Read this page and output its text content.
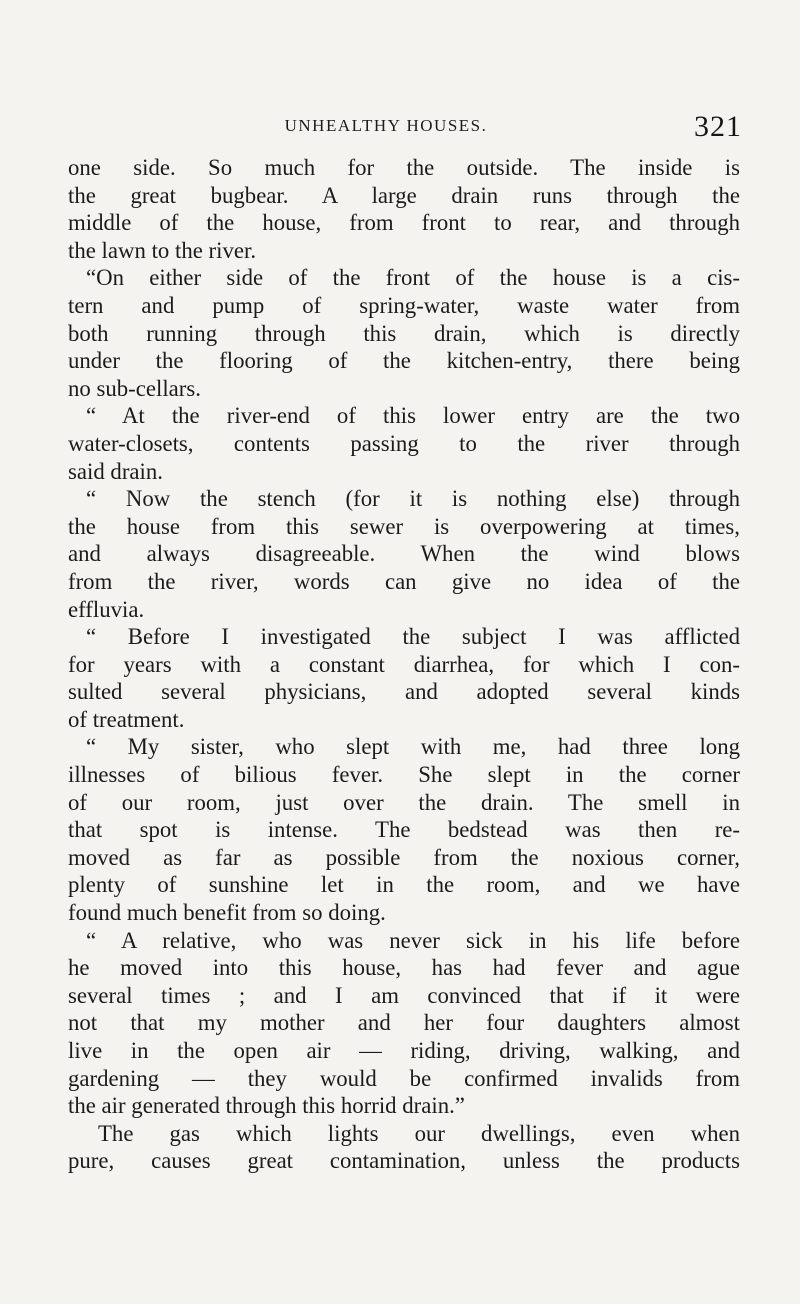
UNHEALTHY HOUSES.	321
one side. So much for the outside. The inside is
the great bugbear. A large drain runs through the
middle of the house, from front to rear, and through
the lawn to the river.
“On either side of the front of the house is a cis-
tern and pump of spring-water, waste water from
both running through this drain, which is directly
under the flooring of the kitchen-entry, there being
no sub-cellars.
“ At the river-end of this lower entry are the two
water-closets, contents passing to the river through
said drain.
“ Now the stench (for it is nothing else) through
the house from this sewer is overpowering at times,
and always disagreeable. When the wind blows
from the river, words can give no idea of the
effluvia.
“ Before I investigated the subject I was afflicted
for years with a constant diarrhea, for which I con-
sulted several physicians, and adopted several kinds
of treatment.
“ My sister, who slept with me, had three long
illnesses of bilious fever. She slept in the corner
of our room, just over the drain. The smell in
that spot is intense. The bedstead was then re-
moved as far as possible from the noxious corner,
plenty of sunshine let in the room, and we have
found much benefit from so doing.
“ A relative, who was never sick in his life before
he moved into this house, has had fever and ague
several times ; and I am convinced that if it were
not that my mother and her four daughters almost
live in the open air — riding, driving, walking, and
gardening — they would be confirmed invalids from
the air generated through this horrid drain.”
The gas which lights our dwellings, even when
pure, causes great contamination, unless the products
